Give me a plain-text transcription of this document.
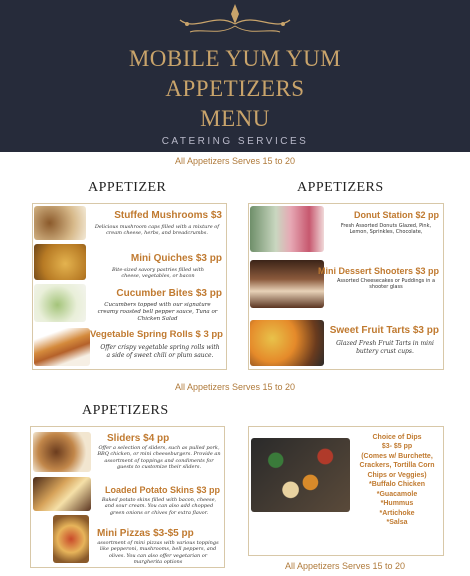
MOBILE YUM YUM
APPETIZERS
MENU
CATERING SERVICES
All Appetizers Serves 15 to 20
APPETIZER	APPETIZERS
Stuffed Mushrooms $3
Delicious mushroom caps filled with a mixture of cream cheese, herbs, and breadcrumbs.
Mini Quiches $3 pp
Bite-sized savory pastries filled with cheese, vegetables, or bacon
Cucumber Bites $3 pp
Cucumbers topped with our signature creamy roasted bell pepper sauce, Tuna or Chicken Salad
Vegetable Spring Rolls $ 3 pp
Offer crispy vegetable spring rolls with a side of sweet chili or plum sauce.
Donut Station $2 pp
Fresh Assorted Donuts Glazed, Pink, Lemon, Sprinkles, Chocolate,
Mini Dessert Shooters $3 pp
Assorted Cheesecakes or Puddings in a shooter glass
Sweet Fruit Tarts $3 pp
Glazed Fresh Fruit Tarts in mini buttery crust cups.
All Appetizers Serves 15 to 20
APPETIZERS
Sliders $4 pp
Offer a selection of sliders, such as pulled pork, BBQ chicken, or mini cheeseburgers. Provide an assortment of toppings and condiments for guests to customize their sliders.
Loaded Potato Skins $3 pp
Baked potato skins filled with bacon, cheese, and sour cream. You can also add chopped green onions or chives for extra flavor.
Mini Pizzas $3-$5 pp
assortment of mini pizzas with various toppings like pepperoni, mushrooms, bell peppers, and olives. You can also offer vegetarian or margherita options
Choice of Dips
$3- $5 pp
(Comes w/ Burchette, Crackers, Tortilla Corn Chips or Veggies)
*Buffalo Chicken
*Guacamole
*Hummus
*Artichoke
*Salsa
All Appetizers Serves 15 to 20
